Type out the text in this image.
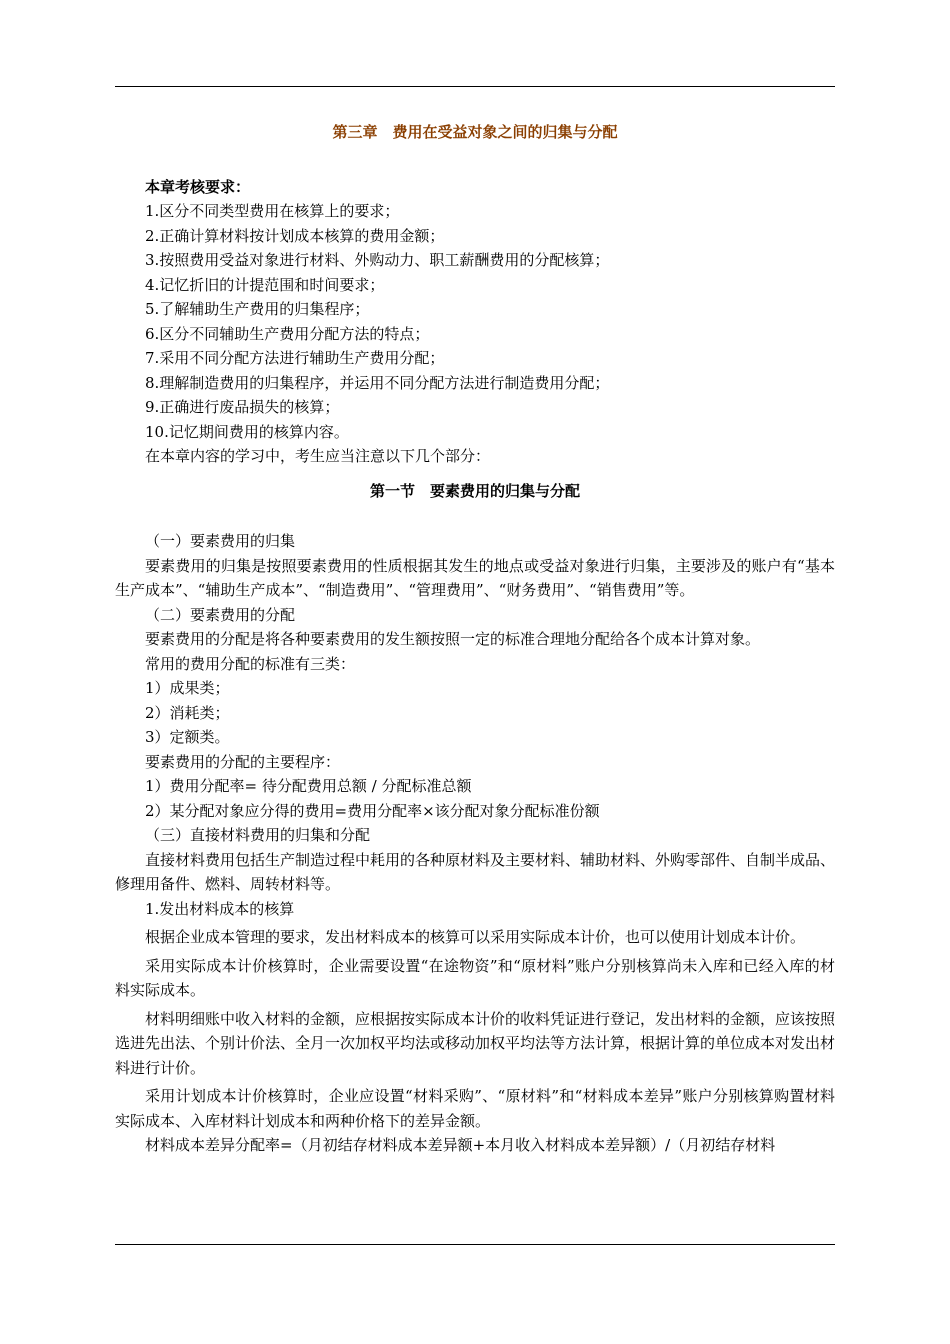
第三章　费用在受益对象之间的归集与分配
本章考核要求：
1.区分不同类型费用在核算上的要求；
2.正确计算材料按计划成本核算的费用金额；
3.按照费用受益对象进行材料、外购动力、职工薪酬费用的分配核算；
4.记忆折旧的计提范围和时间要求；
5.了解辅助生产费用的归集程序；
6.区分不同辅助生产费用分配方法的特点；
7.采用不同分配方法进行辅助生产费用分配；
8.理解制造费用的归集程序，并运用不同分配方法进行制造费用分配；
9.正确进行废品损失的核算；
10.记忆期间费用的核算内容。
在本章内容的学习中，考生应当注意以下几个部分：
第一节　要素费用的归集与分配
（一）要素费用的归集
要素费用的归集是按照要素费用的性质根据其发生的地点或受益对象进行归集，主要涉及的账户有“基本生产成本”、“辅助生产成本”、“制造费用”、“管理费用”、“财务费用”、“销售费用”等。
（二）要素费用的分配
要素费用的分配是将各种要素费用的发生额按照一定的标准合理地分配给各个成本计算对象。
常用的费用分配的标准有三类：
1）成果类；
2）消耗类；
3）定额类。
要素费用的分配的主要程序：
1）费用分配率= 待分配费用总额 / 分配标准总额
2）某分配对象应分得的费用=费用分配率×该分配对象分配标准份额
（三）直接材料费用的归集和分配
直接材料费用包括生产制造过程中耗用的各种原材料及主要材料、辅助材料、外购零部件、自制半成品、修理用备件、燃料、周转材料等。
1.发出材料成本的核算
根据企业成本管理的要求，发出材料成本的核算可以采用实际成本计价，也可以使用计划成本计价。
采用实际成本计价核算时，企业需要设置“在途物资”和“原材料”账户分别核算尚未入库和已经入库的材料实际成本。
材料明细账中收入材料的金额，应根据按实际成本计价的收料凭证进行登记，发出材料的金额，应该按照选进先出法、个别计价法、全月一次加权平均法或移动加权平均法等方法计算，根据计算的单位成本对发出材料进行计价。
采用计划成本计价核算时，企业应设置“材料采购”、“原材料”和“材料成本差异”账户分别核算购置材料实际成本、入库材料计划成本和两种价格下的差异金额。
材料成本差异分配率=（月初结存材料成本差异额+本月收入材料成本差异额）/（月初结存材料
